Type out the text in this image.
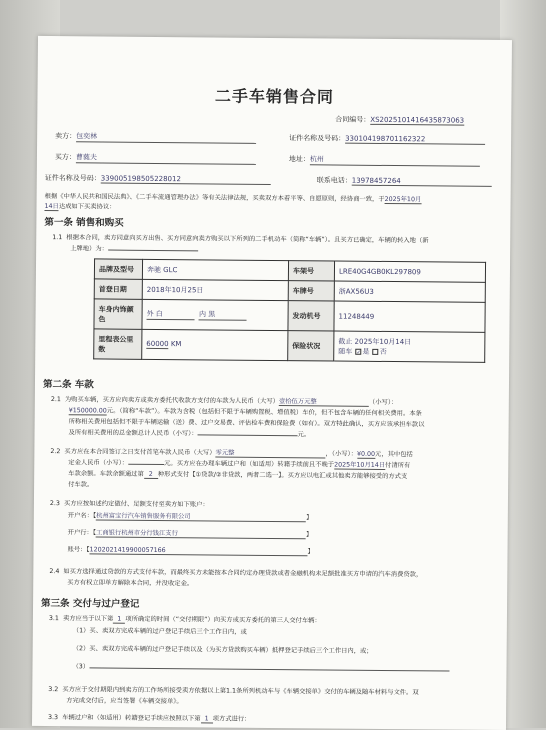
二手车销售合同
合同编号：XS20251014164358730​63
卖方：包奕林	证件名称及号码：330104198701162322
买方：曹蕤夫	地址：杭州
证件名称及号码：339005198505228012	联系电话：13978457264
根据《中华人民共和国民法典》、《二手车流通管理办法》等有关法律法规，买卖双方本着平等、自愿原则，经协商一致，于2025年10月
14日达成如下买卖协议：
第一条 销售和购买
1.1 根据本合同，卖方同意向买方出售、买方同意向卖方购买以下所列的二手机动车（简称“车辆”）。且买方已确定，车辆的转入地（新
上牌地）为：
品牌及型号	奔驰 GLC	车架号	LRE40G4GB0KL297809
首登日期	2018年10月25日	车牌号	浙AX56U3
车身内饰颜色	外 白 内 黑	发动机号	11248449
里程表公里数	60000 KM	保险状况	截止 2025年10月14日
随车 ✓ 是 否
第二条 车款
2.1 为购买车辆，买方应向卖方或卖方委托代收款方支付的车款为人民币（大写）壹拾伍万元整	（小写）：
¥150000.00元。（简称“车款”）。车款为含税（包括但不限于车辆购置税、增值税）车价，但不包含车辆的任何相关费用。本条
所称相关费用包括但不限于车辆运输（送）费、过户交易费、评估检车费和保险费（如有）。双方特此确认，买方应该承担车款以
及所有相关费用的总金额总计人民币（小写）：	元。
2.2 买方应在本合同签订之日支付首笔车款人民币（大写）零元整	，（小写）：¥0.00元，其中包括
定金人民币（小写）：	元。买方应在办理车辆过户和（如适用）转籍手续前且不晚于2025年10月14日付清所有
车款余额。车款余额通过第 2 种形式支付【①贷款/②非贷款，两者二选一】。买方应以电汇或其他卖方能够接受的方式支
付车款。
2.3 买方应按如述约定做付、足额支付至卖方如下账户：
开户名：【杭州富宝行汽车销售服务有限公司	】
开户行：【工商银行杭州市分行钱江支行	】
账号：【1202021419900057166	】
2.4 如买方选择通过贷款的方式支付车款，而最终买方未能按本合同约定办理贷款或者金融机构未足额批准买方申请的汽车消费贷款，
买方有权立即单方解除本合同，并没收定金。
第三条 交付与过户登记
3.1 卖方应当于以下第 1 项所确定的时间（“交付期限”）向买方或买方委托的第三人交付车辆：
（1）买、卖双方完成车辆的过户登记手续后三个工作日内，或
（2）买、卖双方完成车辆的过户登记手续以及（为买方贷款购买车辆）抵押登记手续后三个工作日内，或；
（3）
3.2 买方应于交付期限内到卖方的工作场所接受卖方依据以上第1.1条所列机动车与《车辆交接单》交付的车辆及随车材料与文件。双
方完成交付后，应当签署《车辆交接单》。
3.3 车辆过户和（如适用）转籍登记手续应按照以下第 1 项方式进行：
